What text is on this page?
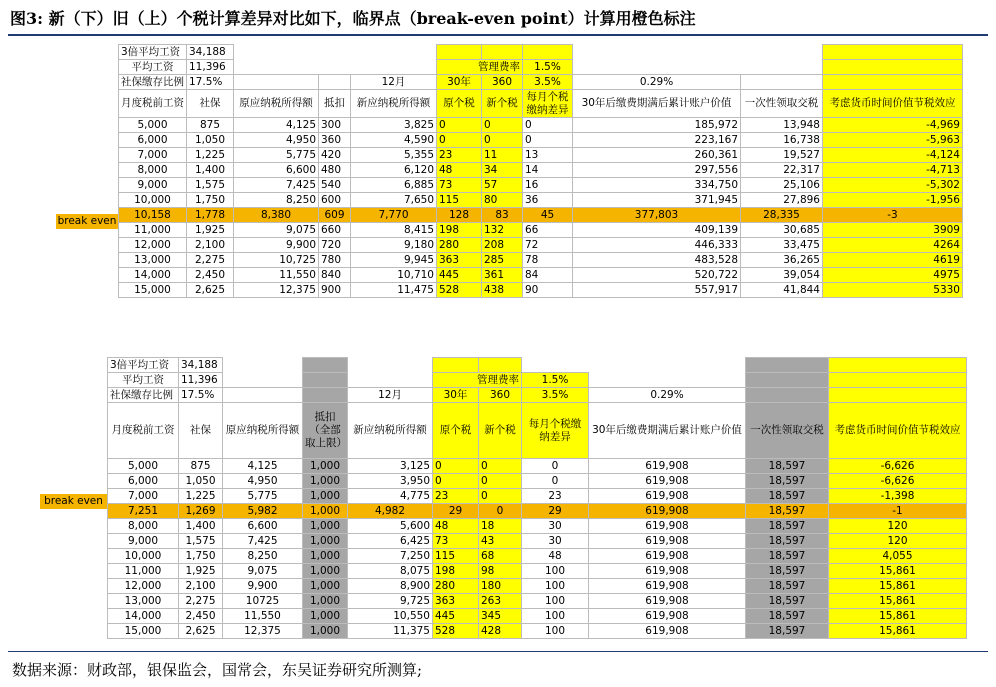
图3: 新（下）旧（上）个税计算差异对比如下，临界点（break-even point）计算用橙色标注
3倍平均工资	34,188									
平均工资	11,396				管理费率		1.5%			
社保缴存比例	17.5%			12月	30年	360	3.5%	0.29%		
月度税前工资	社保	原应纳税所得额	抵扣	新应纳税所得额	原个税	新个税	每月个税缴纳差异	30年后缴费期满后累计账户价值	一次性领取交税	考虑货币时间价值节税效应
5,000	875	4,125	300	3,825	0	0	0	185,972	13,948	-4,969
6,000	1,050	4,950	360	4,590	0	0	0	223,167	16,738	-5,963
7,000	1,225	5,775	420	5,355	23	11	13	260,361	19,527	-4,124
8,000	1,400	6,600	480	6,120	48	34	14	297,556	22,317	-4,713
9,000	1,575	7,425	540	6,885	73	57	16	334,750	25,106	-5,302
10,000	1,750	8,250	600	7,650	115	80	36	371,945	27,896	-1,956
10,158	1,778	8,380	609	7,770	128	83	45	377,803	28,335	-3
11,000	1,925	9,075	660	8,415	198	132	66	409,139	30,685	3909
12,000	2,100	9,900	720	9,180	280	208	72	446,333	33,475	4264
13,000	2,275	10,725	780	9,945	363	285	78	483,528	36,265	4619
14,000	2,450	11,550	840	10,710	445	361	84	520,722	39,054	4975
15,000	2,625	12,375	900	11,475	528	438	90	557,917	41,844	5330
break even
3倍平均工资	34,188									
平均工资	11,396				管理费率		1.5%			
社保缴存比例	17.5%			12月	30年	360	3.5%	0.29%		
月度税前工资	社保	原应纳税所得额	抵扣（全部取上限）	新应纳税所得额	原个税	新个税	每月个税缴纳差异	30年后缴费期满后累计账户价值	一次性领取交税	考虑货币时间价值节税效应
5,000	875	4,125	1,000	3,125	0	0	0	619,908	18,597	-6,626
6,000	1,050	4,950	1,000	3,950	0	0	0	619,908	18,597	-6,626
7,000	1,225	5,775	1,000	4,775	23	0	23	619,908	18,597	-1,398
7,251	1,269	5,982	1,000	4,982	29	0	29	619,908	18,597	-1
8,000	1,400	6,600	1,000	5,600	48	18	30	619,908	18,597	120
9,000	1,575	7,425	1,000	6,425	73	43	30	619,908	18,597	120
10,000	1,750	8,250	1,000	7,250	115	68	48	619,908	18,597	4,055
11,000	1,925	9,075	1,000	8,075	198	98	100	619,908	18,597	15,861
12,000	2,100	9,900	1,000	8,900	280	180	100	619,908	18,597	15,861
13,000	2,275	10725	1,000	9,725	363	263	100	619,908	18,597	15,861
14,000	2,450	11,550	1,000	10,550	445	345	100	619,908	18,597	15,861
15,000	2,625	12,375	1,000	11,375	528	428	100	619,908	18,597	15,861
break even
数据来源：财政部，银保监会，国常会，东吴证券研究所测算;
